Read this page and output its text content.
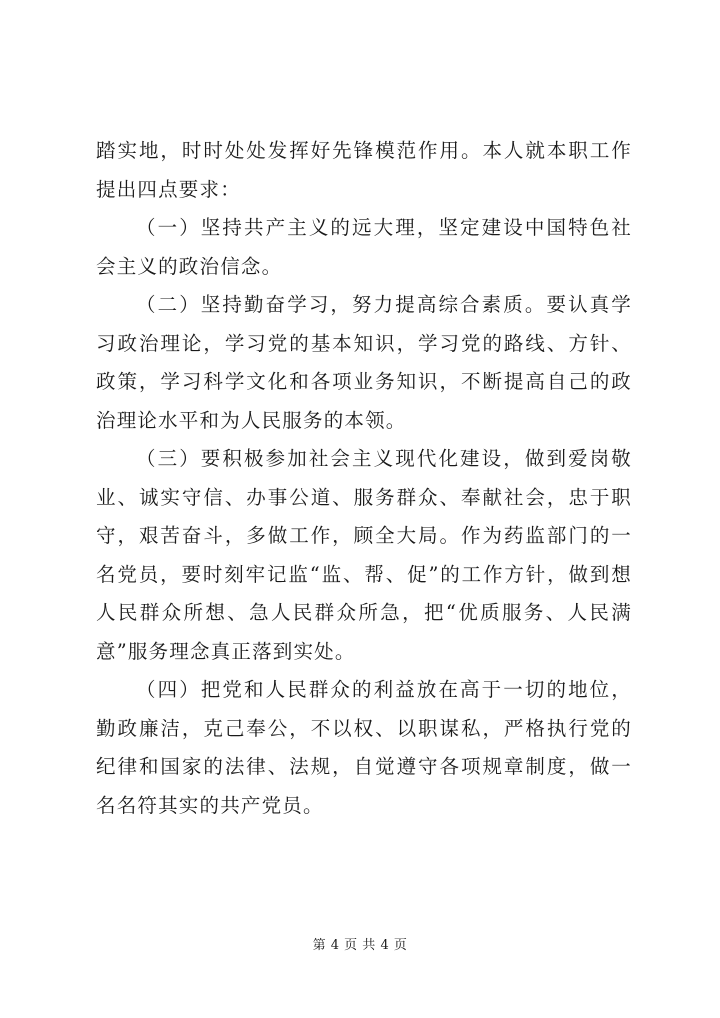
踏实地，时时处处发挥好先锋模范作用。本人就本职工作提出四点要求：

（一）坚持共产主义的远大理，坚定建设中国特色社会主义的政治信念。

（二）坚持勤奋学习，努力提高综合素质。要认真学习政治理论，学习党的基本知识，学习党的路线、方针、政策，学习科学文化和各项业务知识，不断提高自己的政治理论水平和为人民服务的本领。

（三）要积极参加社会主义现代化建设，做到爱岗敬业、诚实守信、办事公道、服务群众、奉献社会，忠于职守，艰苦奋斗，多做工作，顾全大局。作为药监部门的一名党员，要时刻牢记监“监、帮、促”的工作方针，做到想人民群众所想、急人民群众所急，把“优质服务、人民满意”服务理念真正落到实处。

（四）把党和人民群众的利益放在高于一切的地位，勤政廉洁，克己奉公，不以权、以职谋私，严格执行党的纪律和国家的法律、法规，自觉遵守各项规章制度，做一名名符其实的共产党员。

第 4 页 共 4 页
